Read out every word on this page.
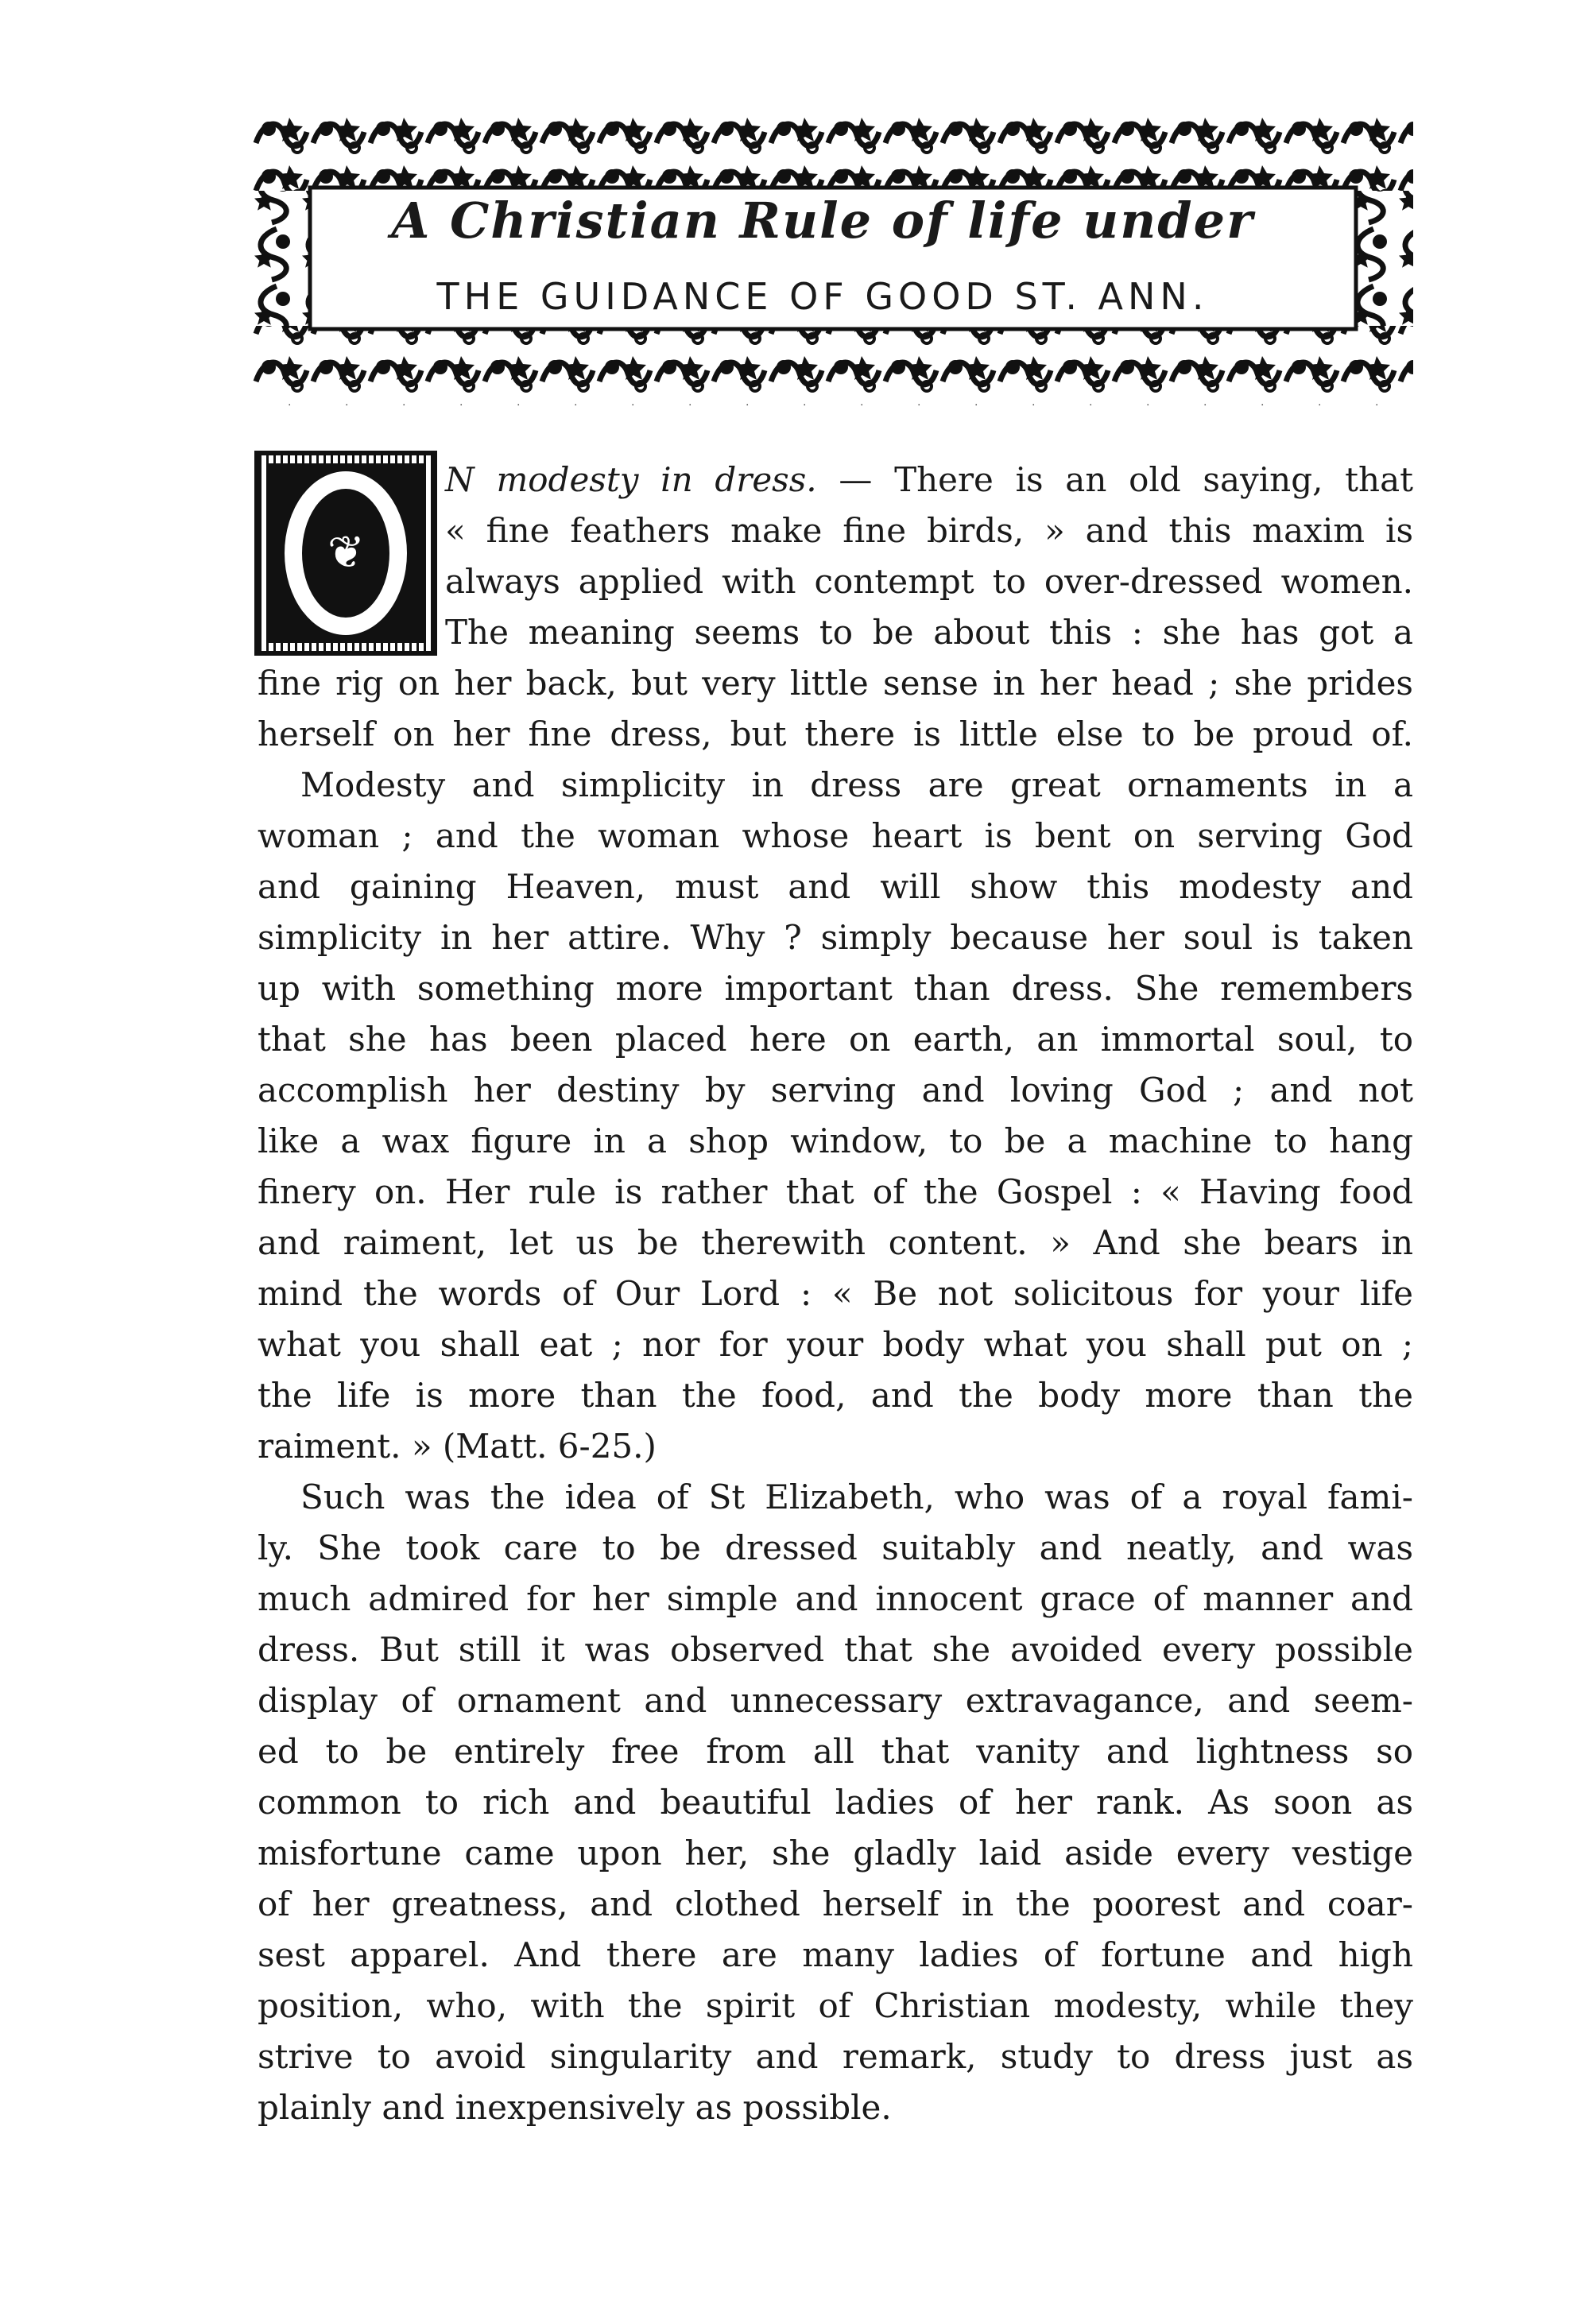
A Christian Rule of life under
THE GUIDANCE OF GOOD ST. ANN.
❦
N modesty in dress. — There is an old saying, that
« fine feathers make fine birds, » and this maxim is
always applied with contempt to over-dressed women.
The meaning seems to be about this : she has got a
fine rig on her back, but very little sense in her head ; she prides
herself on her fine dress, but there is little else to be proud of.
Modesty and simplicity in dress are great ornaments in a
woman ; and the woman whose heart is bent on serving God
and gaining Heaven, must and will show this modesty and
simplicity in her attire. Why ? simply because her soul is taken
up with something more important than dress. She remembers
that she has been placed here on earth, an immortal soul, to
accomplish her destiny by serving and loving God ; and not
like a wax figure in a shop window, to be a machine to hang
finery on. Her rule is rather that of the Gospel : « Having food
and raiment, let us be therewith content. » And she bears in
mind the words of Our Lord : « Be not solicitous for your life
what you shall eat ; nor for your body what you shall put on ;
the life is more than the food, and the body more than the
raiment. » (Matt. 6-25.)
Such was the idea of St Elizabeth, who was of a royal fami-
ly. She took care to be dressed suitably and neatly, and was
much admired for her simple and innocent grace of manner and
dress. But still it was observed that she avoided every possible
display of ornament and unnecessary extravagance, and seem-
ed to be entirely free from all that vanity and lightness so
common to rich and beautiful ladies of her rank. As soon as
misfortune came upon her, she gladly laid aside every vestige
of her greatness, and clothed herself in the poorest and coar-
sest apparel. And there are many ladies of fortune and high
position, who, with the spirit of Christian modesty, while they
strive to avoid singularity and remark, study to dress just as
plainly and inexpensively as possible.
